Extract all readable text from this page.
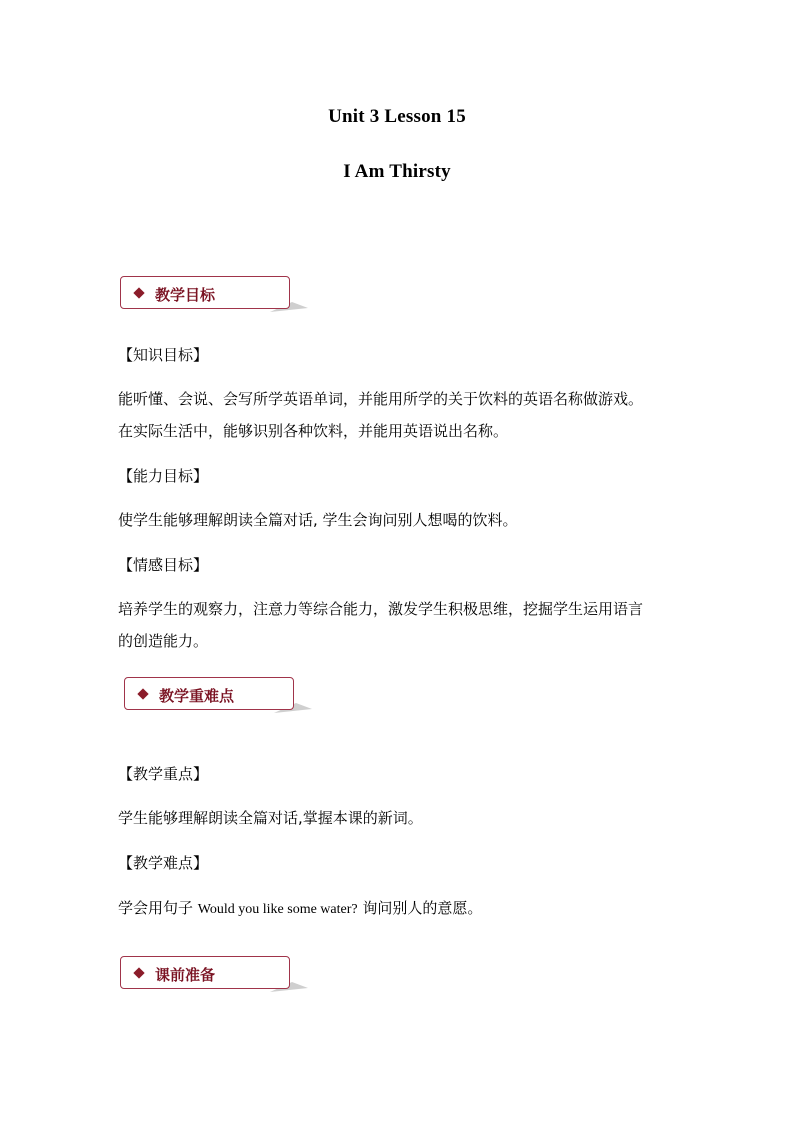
Unit 3 Lesson 15
I Am Thirsty
教学目标
【知识目标】
能听懂、会说、会写所学英语单词，并能用所学的关于饮料的英语名称做游戏。
在实际生活中，能够识别各种饮料，并能用英语说出名称。
【能力目标】
使学生能够理解朗读全篇对话, 学生会询问别人想喝的饮料。
【情感目标】
培养学生的观察力，注意力等综合能力，激发学生积极思维，挖掘学生运用语言
的创造能力。
教学重难点
【教学重点】
学生能够理解朗读全篇对话,掌握本课的新词。
【教学难点】
学会用句子 Would you like some water? 询问别人的意愿。
课前准备
